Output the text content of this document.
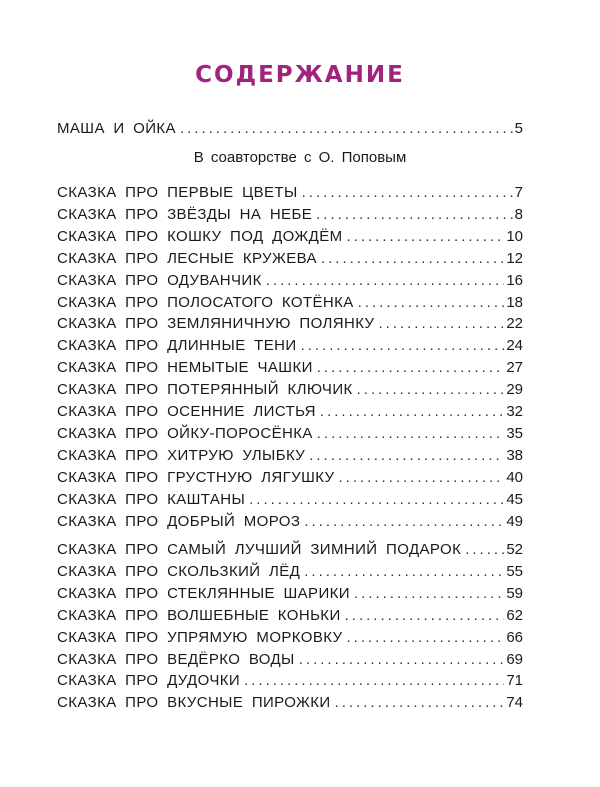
СОДЕРЖАНИЕ
МАША И ОЙКА .....	5
СКАЗКА ПРО ПЕРВЫЕ ЦВЕТЫ .....	7
СКАЗКА ПРО ЗВЁЗДЫ НА НЕБЕ .....	8
СКАЗКА ПРО КОШКУ ПОД ДОЖДЁМ .....	10
СКАЗКА ПРО ЛЕСНЫЕ КРУЖЕВА .....	12
СКАЗКА ПРО ОДУВАНЧИК .....	16
СКАЗКА ПРО ПОЛОСАТОГО КОТЁНКА .....	18
СКАЗКА ПРО ЗЕМЛЯНИЧНУЮ ПОЛЯНКУ .....	22
СКАЗКА ПРО ДЛИННЫЕ ТЕНИ .....	24
СКАЗКА ПРО НЕМЫТЫЕ ЧАШКИ .....	27
СКАЗКА ПРО ПОТЕРЯННЫЙ КЛЮЧИК .....	29
СКАЗКА ПРО ОСЕННИЕ ЛИСТЬЯ .....	32
СКАЗКА ПРО ОЙКУ-ПОРОСЁНКА .....	35
СКАЗКА ПРО ХИТРУЮ УЛЫБКУ .....	38
СКАЗКА ПРО ГРУСТНУЮ ЛЯГУШКУ .....	40
СКАЗКА ПРО КАШТАНЫ .....	45
СКАЗКА ПРО ДОБРЫЙ МОРОЗ .....	49
СКАЗКА ПРО САМЫЙ ЛУЧШИЙ ЗИМНИЙ ПОДАРОК .....	52
СКАЗКА ПРО СКОЛЬЗКИЙ ЛЁД .....	55
СКАЗКА ПРО СТЕКЛЯННЫЕ ШАРИКИ .....	59
СКАЗКА ПРО ВОЛШЕБНЫЕ КОНЬКИ .....	62
СКАЗКА ПРО УПРЯМУЮ МОРКОВКУ .....	66
СКАЗКА ПРО ВЕДЁРКО ВОДЫ .....	69
СКАЗКА ПРО ДУДОЧКИ .....	71
СКАЗКА ПРО ВКУСНЫЕ ПИРОЖКИ .....	74
В соавторстве с О. Поповым
